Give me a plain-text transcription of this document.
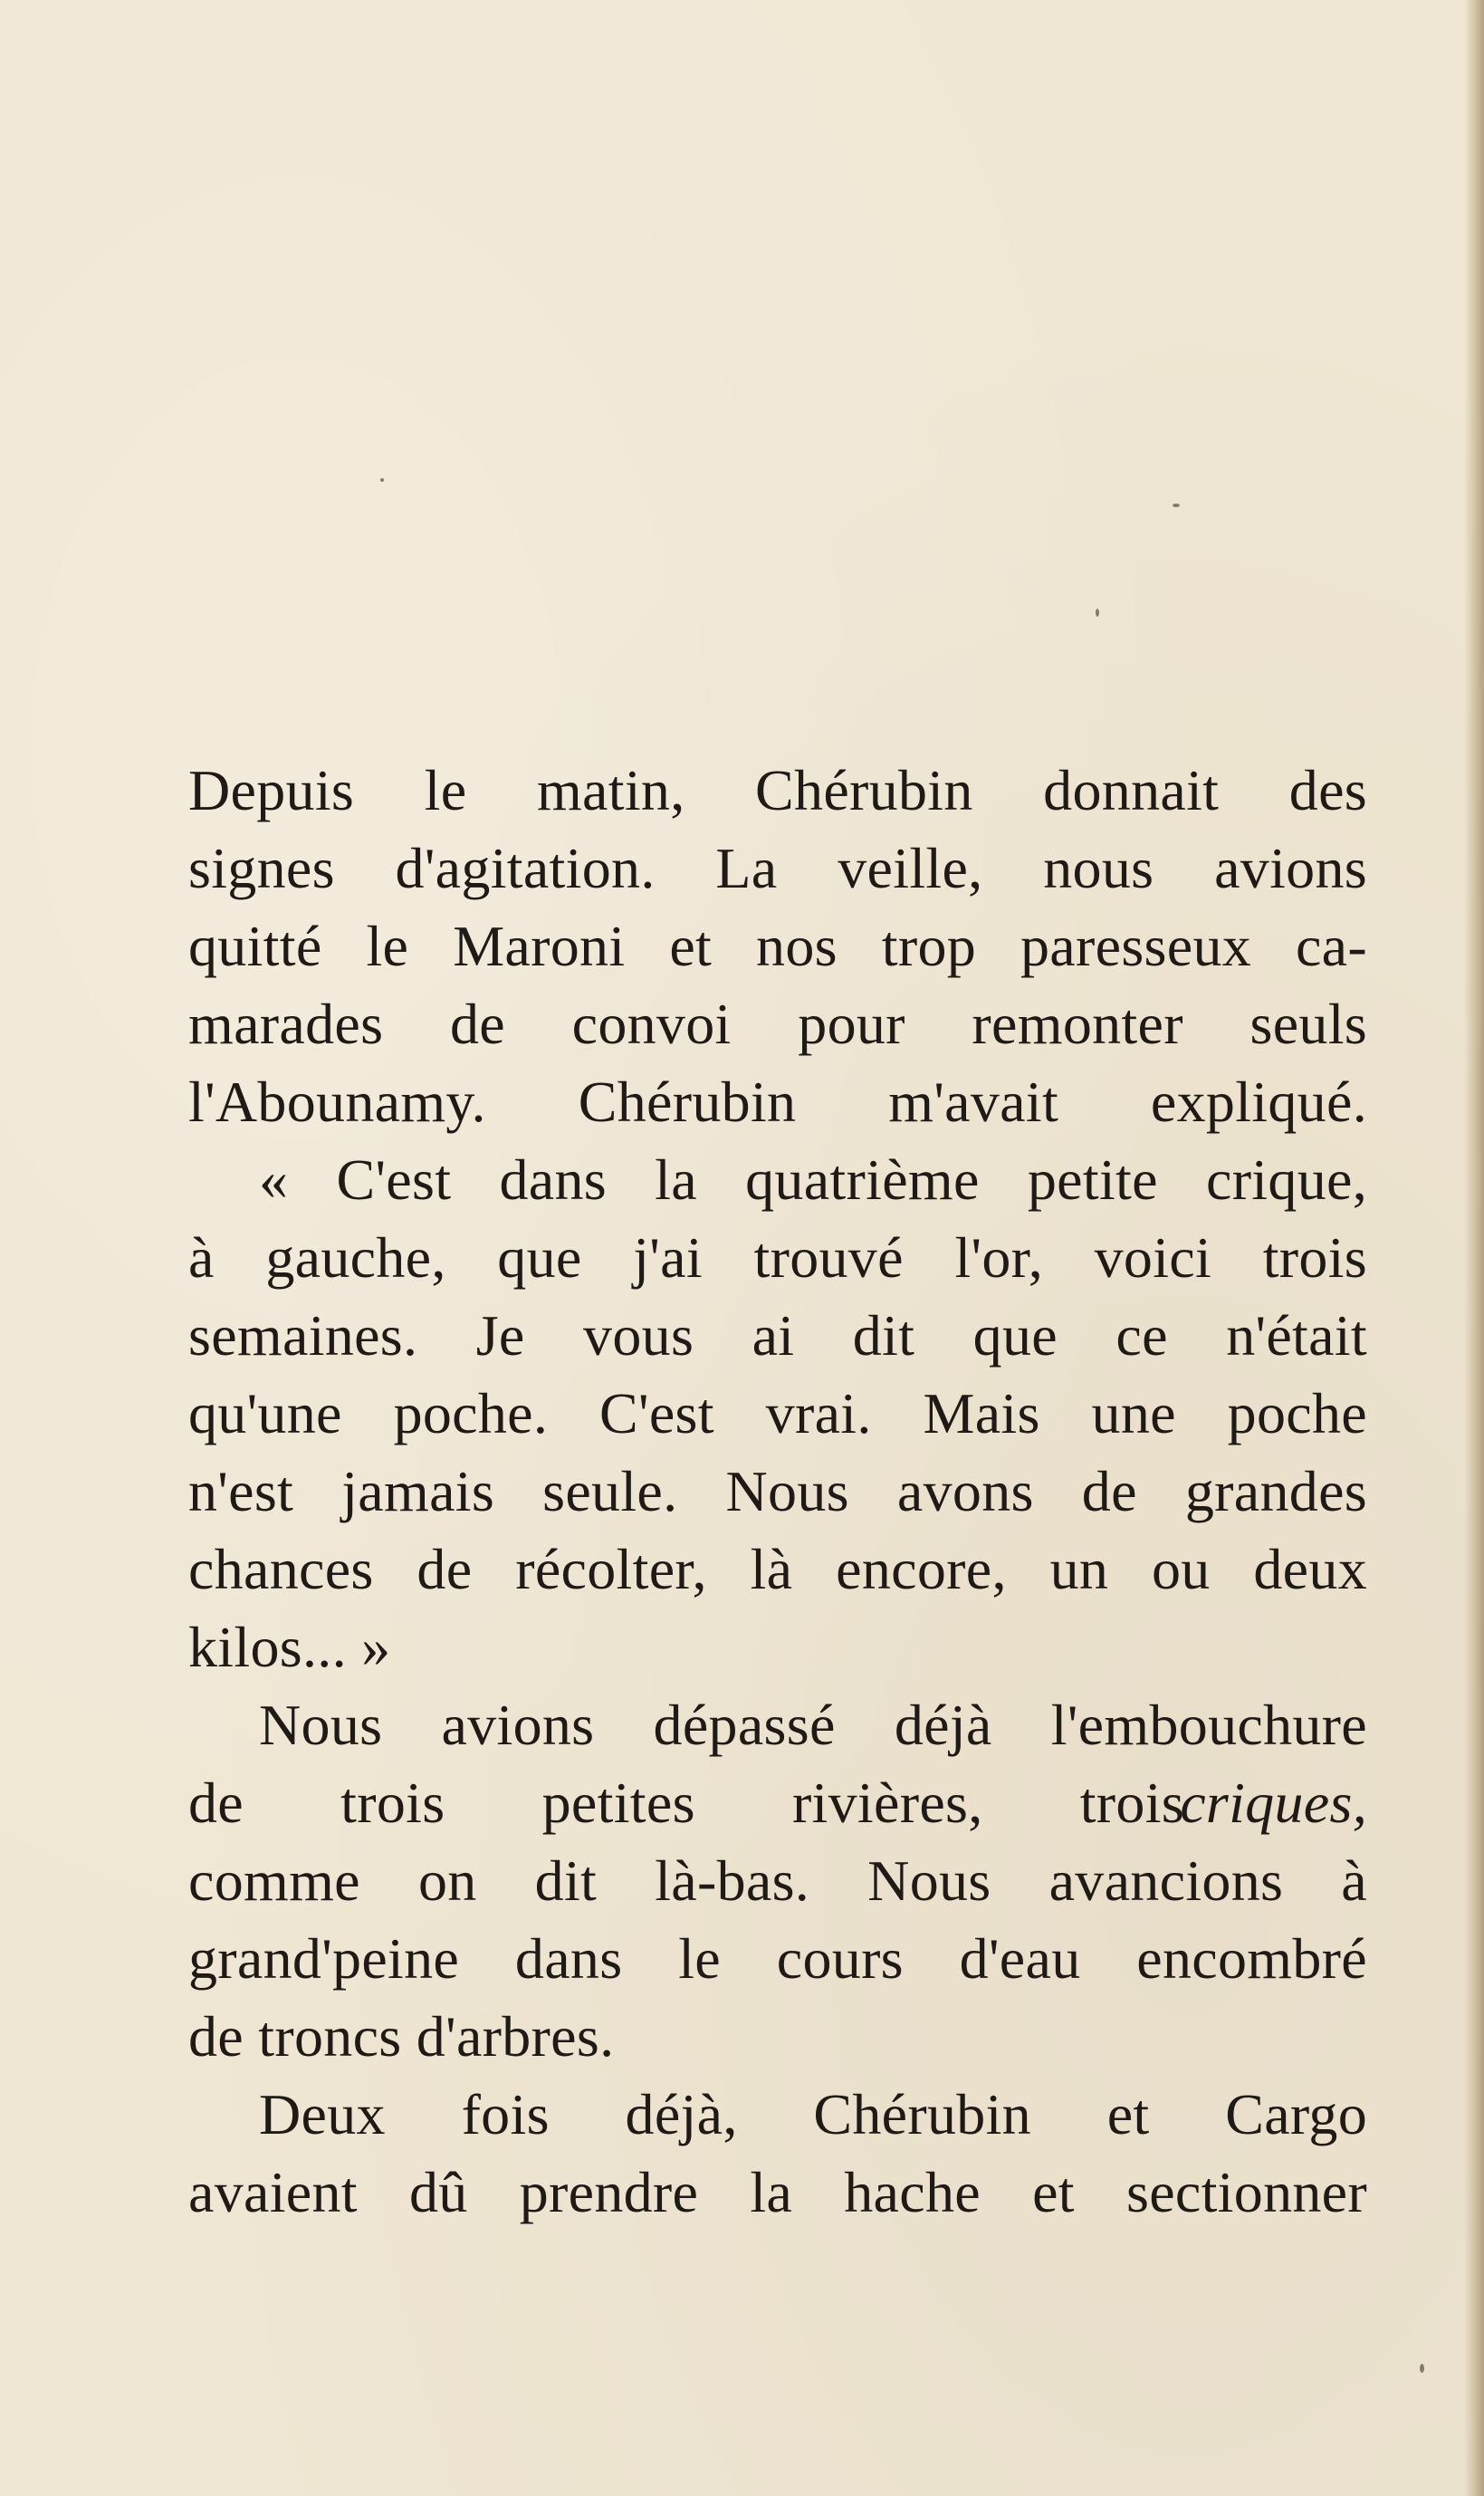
Depuis le matin, Chérubin donnait des
signes d'agitation. La veille, nous avions
quitté le Maroni et nos trop paresseux ca-
marades de convoi pour remonter seuls
l'Abounamy. Chérubin m'avait expliqué.
« C'est dans la quatrième petite crique,
à gauche, que j'ai trouvé l'or, voici trois
semaines. Je vous ai dit que ce n'était
qu'une poche. C'est vrai. Mais une poche
n'est jamais seule. Nous avons de grandes
chances de récolter, là encore, un ou deux
kilos... »
Nous avions dépassé déjà l'embouchure

de trois petites rivières, trois

criques,

comme on dit là-bas. Nous avancions à
grand'peine dans le cours d'eau encombré
de troncs d'arbres.
Deux fois déjà, Chérubin et Cargo
avaient dû prendre la hache et sectionner
